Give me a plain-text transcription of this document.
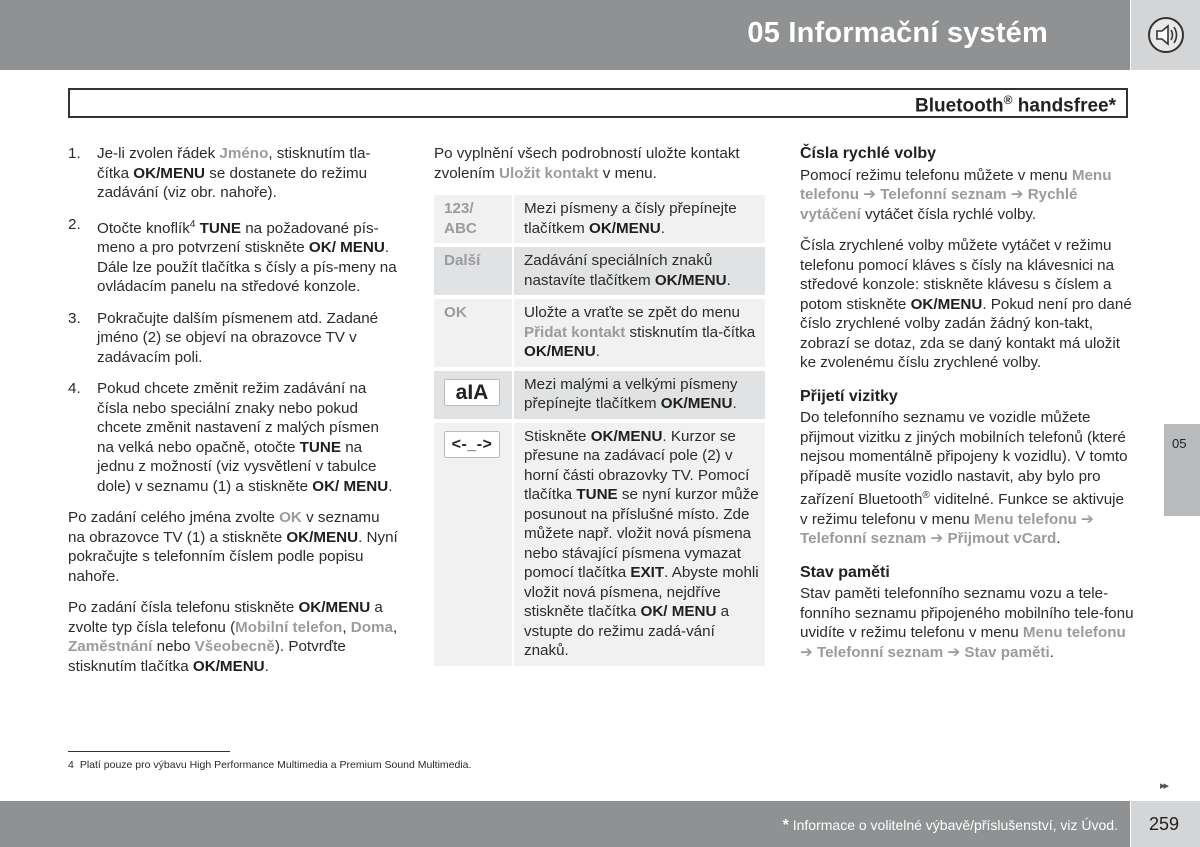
05 Informační systém
Bluetooth® handsfree*
1. Je-li zvolen řádek Jméno, stisknutím tla-čítka OK/MENU se dostanete do režimu zadávání (viz obr. nahoře).
2. Otočte knoflík$^4$ TUNE na požadované pís-meno a pro potvrzení stiskněte OK/ MENU. Dále lze použít tlačítka s čísly a pís-meny na ovládacím panelu na středové konzole.
3. Pokračujte dalším písmenem atd. Zadané jméno (2) se objeví na obrazovce TV v zadávacím poli.
4. Pokud chcete změnit režim zadávání na čísla nebo speciální znaky nebo pokud chcete změnit nastavení z malých písmen na velká nebo opačně, otočte TUNE na jednu z možností (viz vysvětlení v tabulce dole) v seznamu (1) a stiskněte OK/ MENU.

Po zadání celého jména zvolte OK v seznamu na obrazovce TV (1) a stiskněte OK/MENU. Nyní pokračujte s telefonním číslem podle popisu nahoře.

Po zadání čísla telefonu stiskněte OK/MENU a zvolte typ čísla telefonu (Mobilní telefon, Doma, Zaměstnání nebo Všeobecně). Potvrďte stisknutím tlačítka OK/MENU.

Po vyplnění všech podrobností uložte kontakt zvolením Uložit kontakt v menu.

123/ ABC	Mezi písmeny a čísly přepínejte tlačítkem OK/MENU.
Další	Zadávání speciálních znaků nastavíte tlačítkem OK/MENU.
OK	Uložte a vraťte se zpět do menu Přidat kontakt stisknutím tla-čítka OK/MENU.
aIA	Mezi malými a velkými písmeny přepínejte tlačítkem OK/MENU.
<-_->	Stiskněte OK/MENU. Kurzor se přesune na zadávací pole (2) v horní části obrazovky TV. Pomocí tlačítka TUNE se nyní kurzor může posunout na příslušné místo. Zde můžete např. vložit nová písmena nebo stávající písmena vymazat pomocí tlačítka EXIT. Abyste mohli vložit nová písmena, nejdříve stiskněte tlačítka OK/ MENU a vstupte do režimu zadá-vání znaků.
Čísla rychlé volby

Pomocí režimu telefonu můžete v menu Menu telefonu ➔ Telefonní seznam ➔ Rychlé vytáčení vytáčet čísla rychlé volby.

Čísla zrychlené volby můžete vytáčet v režimu telefonu pomocí kláves s čísly na klávesnici na středové konzole: stiskněte klávesu s číslem a potom stiskněte OK/MENU. Pokud není pro dané číslo zrychlené volby zadán žádný kon-takt, zobrazí se dotaz, zda se daný kontakt má uložit ke zvolenému číslu zrychlené volby.

Přijetí vizitky

Do telefonního seznamu ve vozidle můžete přijmout vizitku z jiných mobilních telefonů (které nejsou momentálně připojeny k vozidlu). V tomto případě musíte vozidlo nastavit, aby bylo pro zařízení Bluetooth® viditelné. Funkce se aktivuje v režimu telefonu v menu Menu telefonu ➔ Telefonní seznam ➔ Přijmout vCard.

Stav paměti

Stav paměti telefonního seznamu vozu a tele-fonního seznamu připojeného mobilního tele-fonu uvidíte v režimu telefonu v menu Menu telefonu ➔ Telefonní seznam ➔ Stav paměti.

05
4 Platí pouze pro výbavu High Performance Multimedia a Premium Sound Multimedia.
▸▸
* Informace o volitelné výbavě/příslušenství, viz Úvod. 259
